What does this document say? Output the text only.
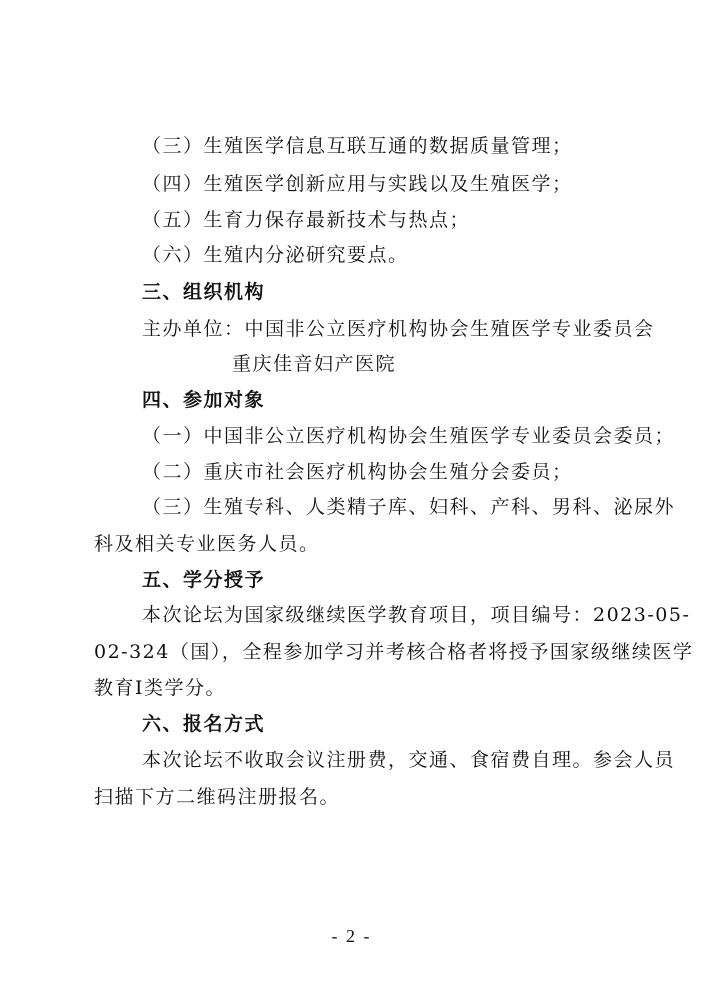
（三）生殖医学信息互联互通的数据质量管理；
（四）生殖医学创新应用与实践以及生殖医学；
（五）生育力保存最新技术与热点；
（六）生殖内分泌研究要点。
三、组织机构
主办单位：中国非公立医疗机构协会生殖医学专业委员会
重庆佳音妇产医院
四、参加对象
（一）中国非公立医疗机构协会生殖医学专业委员会委员；
（二）重庆市社会医疗机构协会生殖分会委员；
（三）生殖专科、人类精子库、妇科、产科、男科、泌尿外
科及相关专业医务人员。
五、学分授予
本次论坛为国家级继续医学教育项目，项目编号：2023-05-
02-324（国），全程参加学习并考核合格者将授予国家级继续医学
教育Ⅰ类学分。
六、报名方式
本次论坛不收取会议注册费，交通、食宿费自理。参会人员
扫描下方二维码注册报名。
- 2 -
